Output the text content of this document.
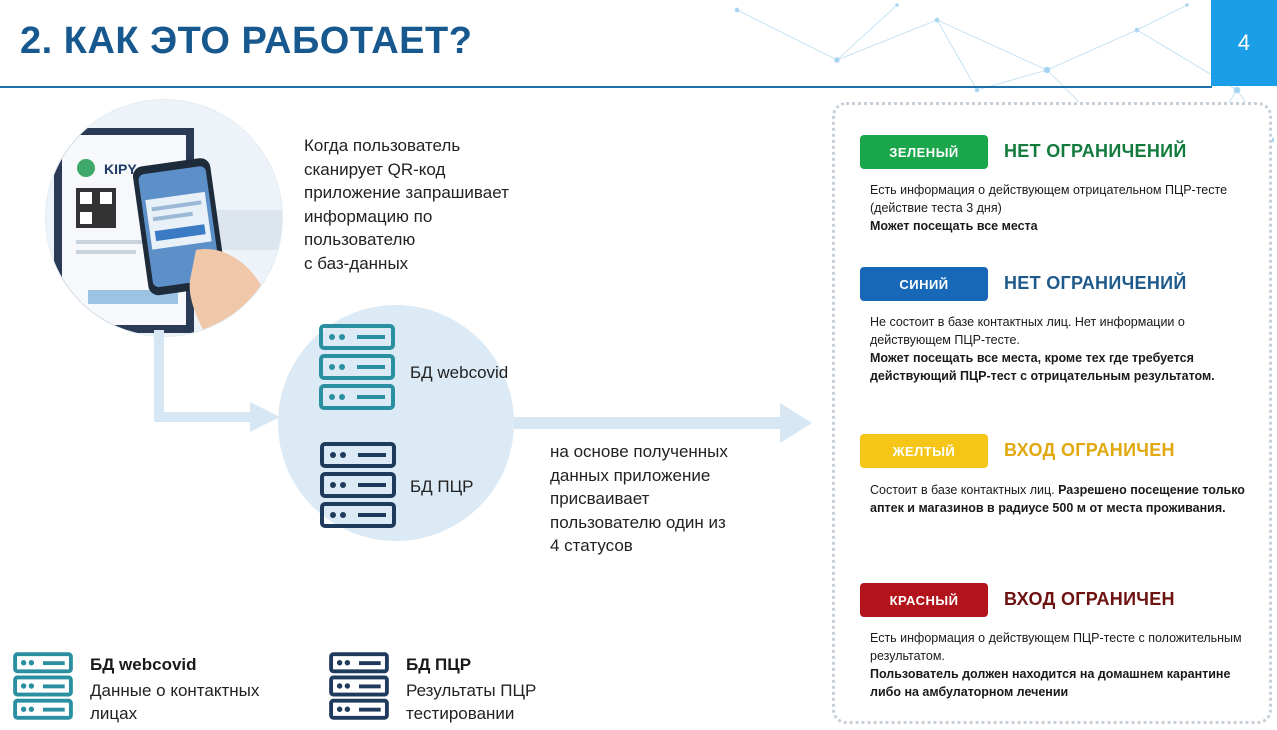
2. КАК ЭТО РАБОТАЕТ?	4
KIPY
Когда пользователь
сканирует QR-код
приложение запрашивает
информацию по
пользователю
с баз-данных
БД webcovid
БД ПЦР
на основе полученных
данных приложение
присваивает
пользователю один из
4 статусов
БД webcovid
Данные о контактных
лицах
БД ПЦР
Результаты ПЦР
тестировании
ЗЕЛЕНЫЙ	НЕТ ОГРАНИЧЕНИЙ
Есть информация о действующем отрицательном ПЦР-тесте (действие теста 3 дня)
Может посещать все места
СИНИЙ	НЕТ ОГРАНИЧЕНИЙ
Не состоит в базе контактных лиц. Нет информации о действующем ПЦР-тесте.
Может посещать все места, кроме тех где требуется действующий ПЦР-тест с отрицательным результатом.
ЖЕЛТЫЙ	ВХОД ОГРАНИЧЕН
Состоит в базе контактных лиц. Разрешено посещение только аптек и магазинов в радиусе 500 м от места проживания.
КРАСНЫЙ	ВХОД ОГРАНИЧЕН
Есть информация о действующем ПЦР-тесте с положительным результатом.
Пользователь должен находится на домашнем карантине либо на амбулаторном лечении
